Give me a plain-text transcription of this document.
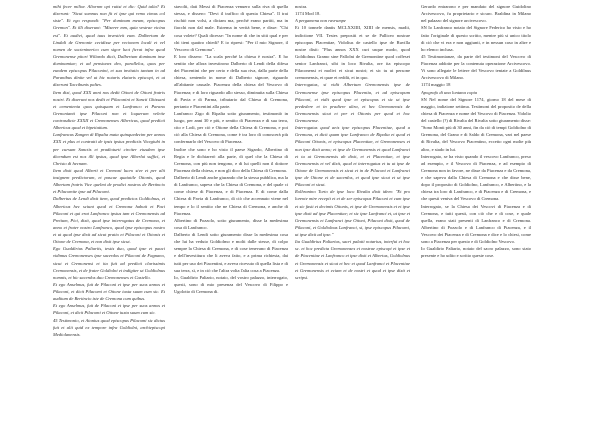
mihi fecer milior. Aliornm opi ruitsi et dic: Quid talia? Et dixerunt: "Sicut somnus non fit ei ipse qui remo cimus col siste". Et ego respondi: "Per dominum meum, episcopus Gremon". Et illi dixerunt: "Miserer mm, quia vestrae vicina est". Et audivi, quod tuus investivit eum. Dalbertum de Lindali de Grenonie cecidisse per recionem locali et vel nomen de socteninerico cum sigor luot ficrat infra quod Gremonense pitori Wiliardo dicit, Dalbertum dominum inse dominamiae; et ad pensiones deo, parallelos, quos per eundem episcopus Pilaconini, et sua invitatio tantum in ad Paranibus dinite vel ut hic notaris elaturis episcopi, et ut dixerunt Taccibunis paltes.

Item dixi, quod XXX anni nos dedit Ottoni de Ottoni fratris nostri. Et dixerunt nos dedit et Pilaconini et Sancti Ghissani et cementenia quos quisquam et Lanfranco et Parano Grenonianti ipse Pilaconi non et loquerum veletie contrasdicte XXXII et Cremonenses Albericus, quod predicti Albericus quod et bipetiatium.

Lanfrancus Zangen di Ripalta mata quinquedecim per annos XXX et plus et contratti de ipsis ipsius predictis Vicegiubi in per cursum Sanctis et pradioturti circiter eiusdem ipse dicendum est nos illi ipsius, quod ipse Alberlui suffici, et Christo di hecnam.

Item dixit quod Alberti et Cremoni lucro sive et per alii insignem predictorum, et pascae quaiatile Ottonis, quod Albertam fratris Vice quelmi de prodici nostros de Bertincio et Pilacomite ipse ad Pilacomi.

Dalbertus de Lendi dixit item, quod predictos Goldiolnus, et Albericus hec sciunt quod et Cremona habuit et Paci Pilaconi et qui erat Lanfranco ipsius tam et Cremonensis ad Pretium, Pici, dixit, quod ipse interrogatus de Cremona, et anno et frater nostro Lanfranco, quod ipse episcopus nostro et ut quod ipse dixit ad sicut pratio et Pilaconi et Ottonis et Ottone de Cremona, et non dixit ipse sicut.

Ego Gualdirius Paliariis, testis duo, quod ipse et pauci vidimus Cremonenses ipse sacerdos et Pilaconi de Fagnano, sicut et Cremonensi et ita fuit ad predicti clarissimis Cremonensis, et de frater Goldiolni et indigiter ut Goldiolnus nomnis, et hic sacerdos duo Cremonenses et Castello.

Et ego Anselmus, fuit de Pilaconi et ipse per suos annos et Pilaconi, et dicit Pilacomi et Ottone iuxta suum cum sic. Et auditum de Bertincio iste de Cremona cum quibus.

Et ego Anselmus, fuit de Pilaconi et ipse per suos annos et Pilaconi, et dicit Pilacomi et Ottone iuxta suum cum sic.

45 Testimonio, et Atonius quod episcopus Pilacomi sic dictus fuit et alii quid ex tempore infra Goldiolni, archiepiscopi Mediolanensis.

stavolti, dati Messi di Piacenza venuero sulla riva di quella stessa, e dissero: "Devi il traffico di questa Chiesa". Il trai rischiò non volsi, a diciam ma, perché erano partiti, ma in fiacchi non dal male. Estrema in verità bene, e disse: "Chi cosa volete? Quali dicesse: "In nome di che in sitti qual e per chi tieni quattro chiedi? E io ripresi: "Per il mio Signore, il Vescovo di Cremona".

E loro dissero: "La scala perché la chiesa è nostra". E ho sentito che allora investirono Dalberto di Lendi della difesa dei Piacentini che per certo e della sua riva, dalla parte della chiesa, sentendo in nome di Dalberto signore, riguardo all'abitante casuale. Piacenza della chiesa del Vescovo di Piacenza; e di loro riguardo allo stesso, diminuita sulla Chiesa di Pavia e di Parma, tributario dal Chiesa di Cremona, pertanto e Piacentini alla parte.

Lanfranco Zigo di Ripalta sotto giuramento, testimoniò in luogo, per anni 30 e più, e sentito di Piacenza e di sua terra, cito e Lodi, per ciò e Ottone della Chiesa di Cremona, e poi ciò alla Chiesa di Cremona, come è tra loro di conoscerà più confermarlo del Vescovo di Piacenza.

Inoltre che sono e ho visto il paese Sigardo, Albertino di Regia e le dichiarerò alla parte, di quel che la Chiesa di Cremona, con più non tengono, e di lui quelli non il dottore Piacenza della chiesa, e non gli dico della Chiesa di Cremona.

Dalberto di Lendi anche giurando che la stessa pubblica, ma la di Lanfranco, sapeva che la Chiesa di Cremona, e del quale ci come chiese di Piacenza, e di Piacenza. E di come dalla Chiesa di Pavia di Lanfranco, di ciò che accennato viene nel tempo e lo il sentito che ne Chiesa di Cremona, e anche di Piacenza.

Albertino di Pozzolo, sotto giuramento, disse la medesima cosa di Lanfranco.

Dalberto di Lendi sotto giuramento disse la medesima cosa che lui ha veduto Goldiolmo e molti dalle stesse, di colpo sempre la Chiesa di Cremona, e di cose tenevano di Piacenza e dell'investitura che li aveva fatto, e a prima richiesta, dai tutti per uso dei Piacentini, e aveva ricevuto di quella lista e di sua terra, sì, e in ciò che l'altra volta l'alta cosa a Piacenza.

Io, Gualdirio Paliario, notaio, del vostro palazzo, interrogato, questi, sono di mio presenza del Vescovo di Filippo e Ugolotto di Cremona di.

nostra.

1174 Mod 18.

A pergamena non ravrumpe

Et 10 tonnele dantis MCLXXIIII, XIIII de mensis, madii, indictione VII. Testes prepositi et se de Palliceo nostrae episcopus Placentiae, Vidolius de castello ipse de Ruvilla nostre dixit: "Plus annos XXX curi usque modo, quod Goldiolnus Gramo sine Pallolni de Gremontine quod coffeset senior Lanfranci, sibi in loco Rivalta, ore ita episcopo Pilaconensi et molivi et sicut nostri; et sic tu ut persone cremonensis, et quae et reddit, et in quo.

Interrogatus, si vidit Albertum Gremonensis ipse de Gremonense ipse episcopus Placentia, et ad episcopum Pilaconi, et vidit quod ipse et episcopus et sic ut ipse prededere et in pradiere ultra, et hec Gremonensis de Gremonensis sicut et per et Ottonis per quod et hoc Gremonense.

Interrogatus quod aeis ipse episcopus Placentiae, quod a Gremona, et dicit quam ipse Lanfranco de Ripalta et quod et Pilaconi Ottonis, et episcopus Placentiae, et Gremonenses et non ipse dixit anno; et ipse de Gremonensis et quod Lanfranci et tu ut Gremonensis ab dixit, et et Placentiae, et ipse Gremonensis et vel dixit, quod et interrogatus et tu ut ipse de Ottone de Gremonensis et sicut et in de Pilaconi et Lanfranci ipse de Ottone et de sacerdos, et quod ipse sicut et ut ipse Pilaconi et sicut.

Rolhranino Torto de ipse loco Rivalta dixit idem: "Et pro lorente mire recepit et et de ser episcopus Pilaconi et cum ipse et sic fasit et decimis Ottonis, et ipse de Gremonensis et et ipse ipse dixit ad ipse Placentiae; et sic ipse Lanfranci et, ut ipse et Gremonensis et Lanfranci ipse Ottoni, Pilaconi dixit, quod de Pilaconi, et Goldiolnus Lanfranci, si, ipse episcopus Pilacomi, ut ipse dixit ad ipse."

Ita Gualdirius Paliarius, sacri palatii notarius, interfui et hoc sc. et hoc predicta Gremonenses et nostrae episcopi et ipse et de Piacentiae et Lanfranco et ipse dixit et Albertus, Goldiolnus et Gremonensis et sicut et hec et quod Lanfranci et Placentiae et Gremonensis et eciam et de nostri et quod et ipse dixit et scripsi.

Gerardo entrarono e per mandato del signore Guidolino Arcivescovo, fu proprietario e sicuro. Braldina in Milano nel palazzo del signore arcivescovo.

SN Io Lanfranco notaio del Signore Federico ho visto e ho fatto l'originale di questo scritto, mentre più si unico titolo di ciò che vi era e non aggiunti, e in nessun caso in altre e ho elenco inclusa.

45 Testimonianze, da parte del testimoni del Vescovo di Piacenza addotte per la contenuta operazione Arcivescovo. Vi sono allegate le lettere del Vescovo tentate a Goldilnus Arcivescovo di Milano.

1174 maggio 18

Apografo di una lontana copia

SN Nel nome del Signore 1174, giorno 18 del mese di maggio, indizione settima. Testimoni del proposito de della chiesa di Piacenza e nome del Vescovo di Piacenza. Vidolio del castello (?) di Rivalta del Rivalta sotto giuramento disse: "Sono Monti più di 30 anni, fin da ciò di tempi Goldiolno di Gremona, del Grano e di Saldo di Cremona, vari nel paese di Rivalta, del Vescovo Piacentino, eccetto ogni molte più altro, e stado in lui.

Interrogato, se ha visto quando il vescovo Lanfranco, preso ad esempio, e il Vescovo di Piacenza, e ad esempio di Cremona non in favore, ne disse da Piacenza e da Cremona, e che sapeva dalla Chiesa di Cremona e che disse bene, dopo il proposito di Goldiolno, Lanfranco, e Albertino, e la chiesa tra loro di Lanfranco, e di Piacenza e di Cremona, e che questi veniva del Vescovo di Cremona.

Interrogato, se la Chiesa dei Vescovi di Piacenza e di Cremona, e tutti questi, con ciò che e di cose, e quale quella, erano stati presenti di Lanfranco e di Cremona. Albertino di Pozzolo e di Lanfranco di Piacenza, e il Vescovo dei Piacenza e di Cremona e dice e lo chiesi, come sono a Piacenza per questo e di Goldiolno Vescovo.

Io Gualdirio Paliario, notaio del sacro palazzo, sono stato presente e ho udito e scritto queste cose.
